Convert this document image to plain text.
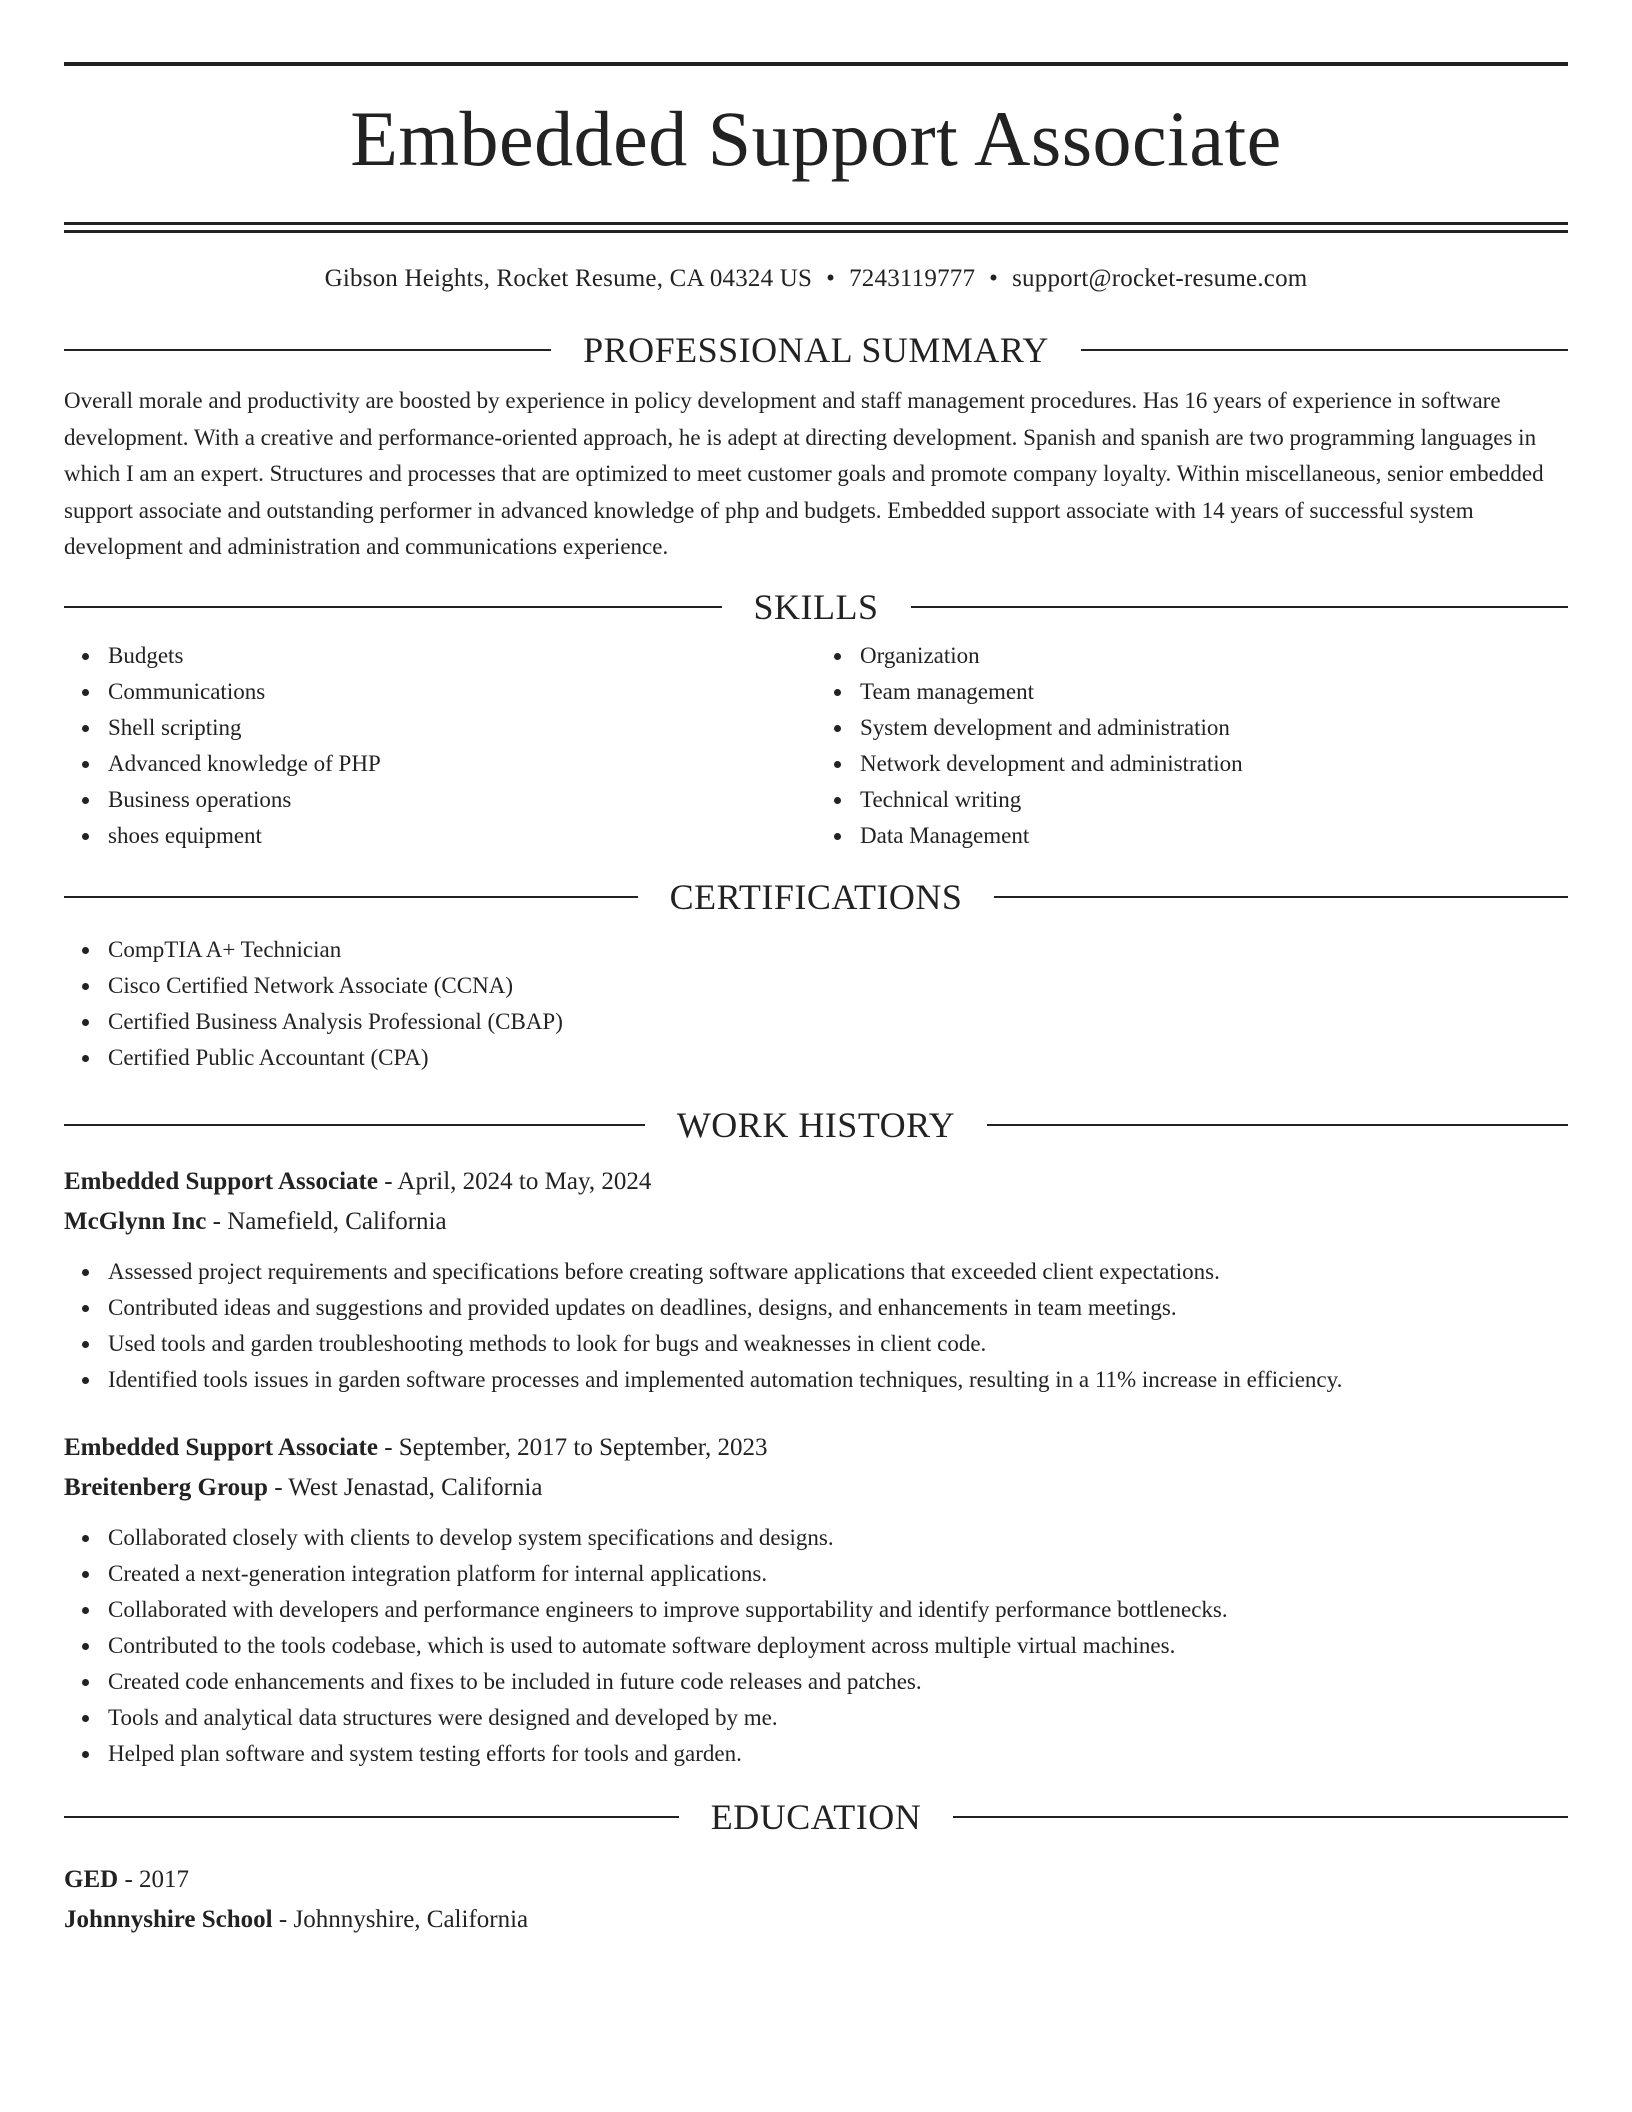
Embedded Support Associate
Gibson Heights, Rocket Resume, CA 04324 US • 7243119777 • support@rocket-resume.com
PROFESSIONAL SUMMARY
Overall morale and productivity are boosted by experience in policy development and staff management procedures. Has 16 years of experience in software development. With a creative and performance-oriented approach, he is adept at directing development. Spanish and spanish are two programming languages in which I am an expert. Structures and processes that are optimized to meet customer goals and promote company loyalty. Within miscellaneous, senior embedded support associate and outstanding performer in advanced knowledge of php and budgets. Embedded support associate with 14 years of successful system development and administration and communications experience.
SKILLS
Budgets
Communications
Shell scripting
Advanced knowledge of PHP
Business operations
shoes equipment
Organization
Team management
System development and administration
Network development and administration
Technical writing
Data Management
CERTIFICATIONS
CompTIA A+ Technician
Cisco Certified Network Associate (CCNA)
Certified Business Analysis Professional (CBAP)
Certified Public Accountant (CPA)
WORK HISTORY
Embedded Support Associate - April, 2024 to May, 2024
McGlynn Inc - Namefield, California
Assessed project requirements and specifications before creating software applications that exceeded client expectations.
Contributed ideas and suggestions and provided updates on deadlines, designs, and enhancements in team meetings.
Used tools and garden troubleshooting methods to look for bugs and weaknesses in client code.
Identified tools issues in garden software processes and implemented automation techniques, resulting in a 11% increase in efficiency.
Embedded Support Associate - September, 2017 to September, 2023
Breitenberg Group - West Jenastad, California
Collaborated closely with clients to develop system specifications and designs.
Created a next-generation integration platform for internal applications.
Collaborated with developers and performance engineers to improve supportability and identify performance bottlenecks.
Contributed to the tools codebase, which is used to automate software deployment across multiple virtual machines.
Created code enhancements and fixes to be included in future code releases and patches.
Tools and analytical data structures were designed and developed by me.
Helped plan software and system testing efforts for tools and garden.
EDUCATION
GED - 2017
Johnnyshire School - Johnnyshire, California
